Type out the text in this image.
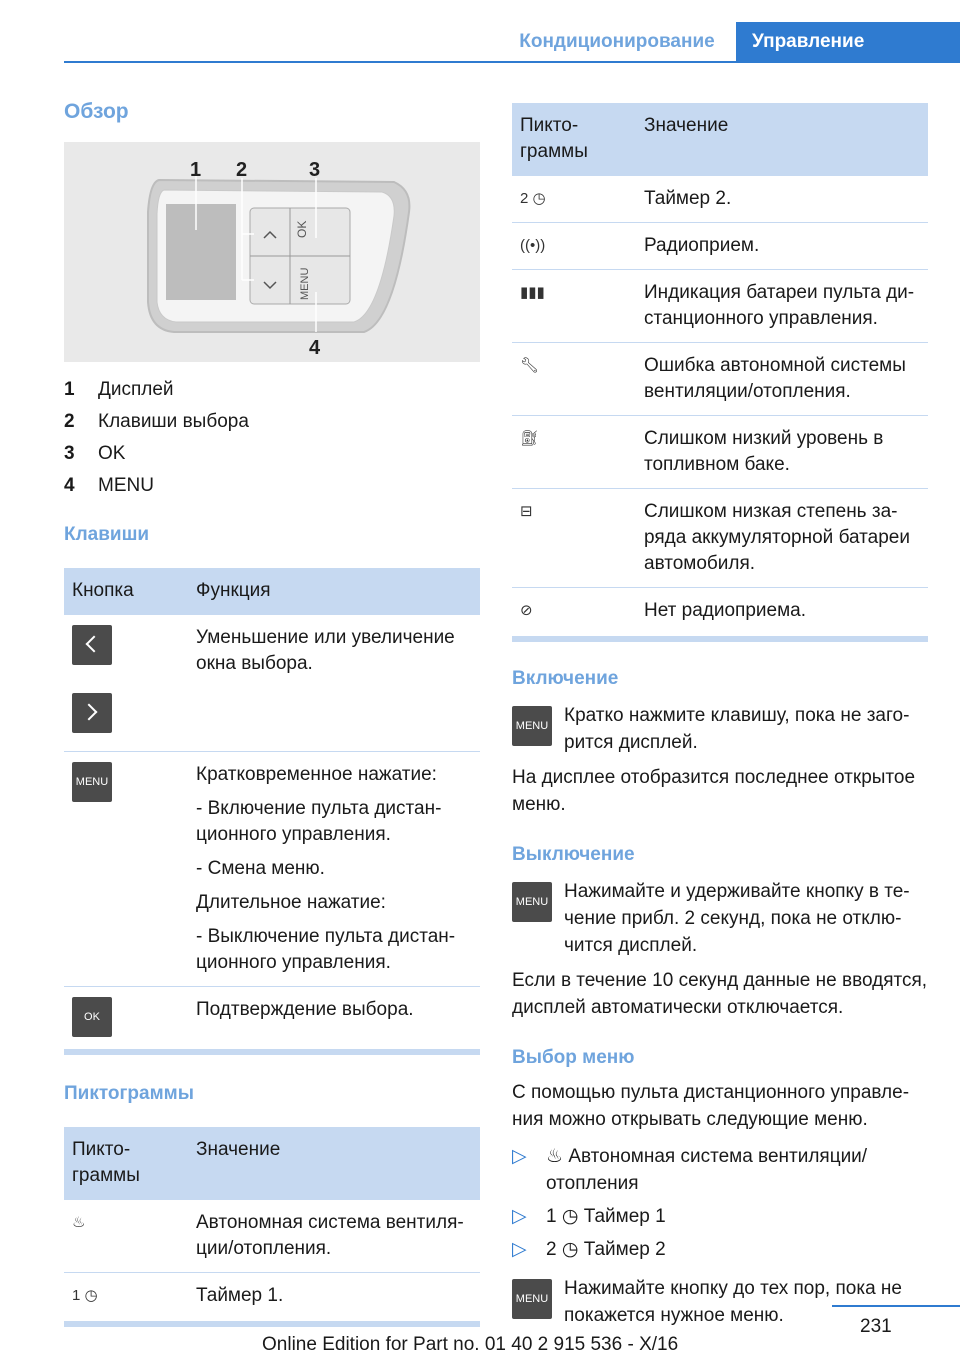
Кондиционирование	Управление
Обзор
OK
MENU
1 2	3
4
1	Дисплей
2	Клавиши выбора
3	OK
4	MENU
Клавиши
Кнопка	Функция

	Уменьшение или увеличение окна выбора.
MENU	Кратковременное нажатие:

- Включение пульта дистанционного управления.

- Смена меню.

Длительное нажатие:

- Выключение пульта дистанционного управления.

OK	Подтверждение выбора.
Пиктограммы
Пиктограммы	Значение
♨	Автономная система вентиляции/отопления.
1 ◷	Таймер 1.
Пиктограммы	Значение
2 ◷	Таймер 2.
((•))	Радиоприем.
▮▮▮	Индикация батареи пульта дистанционного управления.
🔧︎	Ошибка автономной системы вентиляции/отопления.
⛽︎	Слишком низкий уровень в топливном баке.
⊟	Слишком низкая степень заряда аккумуляторной батареи автомобиля.
⊘	Нет радиоприема.
Включение
MENU Кратко нажмите клавишу, пока не загорится дисплей.

На дисплее отобразится последнее открытое меню.

Выключение
MENU Нажимайте и удерживайте кнопку в течение прибл. 2 секунд, пока не отключится дисплей.

Если в течение 10 секунд данные не вводятся, дисплей автоматически отключается.

Выбор меню

С помощью пульта дистанционного управления можно открывать следующие меню.

▷	♨ Автономная система вентиляции/отопления
▷	1 ◷ Таймер 1
▷	2 ◷ Таймер 2
MENU Нажимайте кнопку до тех пор, пока не покажется нужное меню.

231
Online Edition for Part no. 01 40 2 915 536 - X/16
